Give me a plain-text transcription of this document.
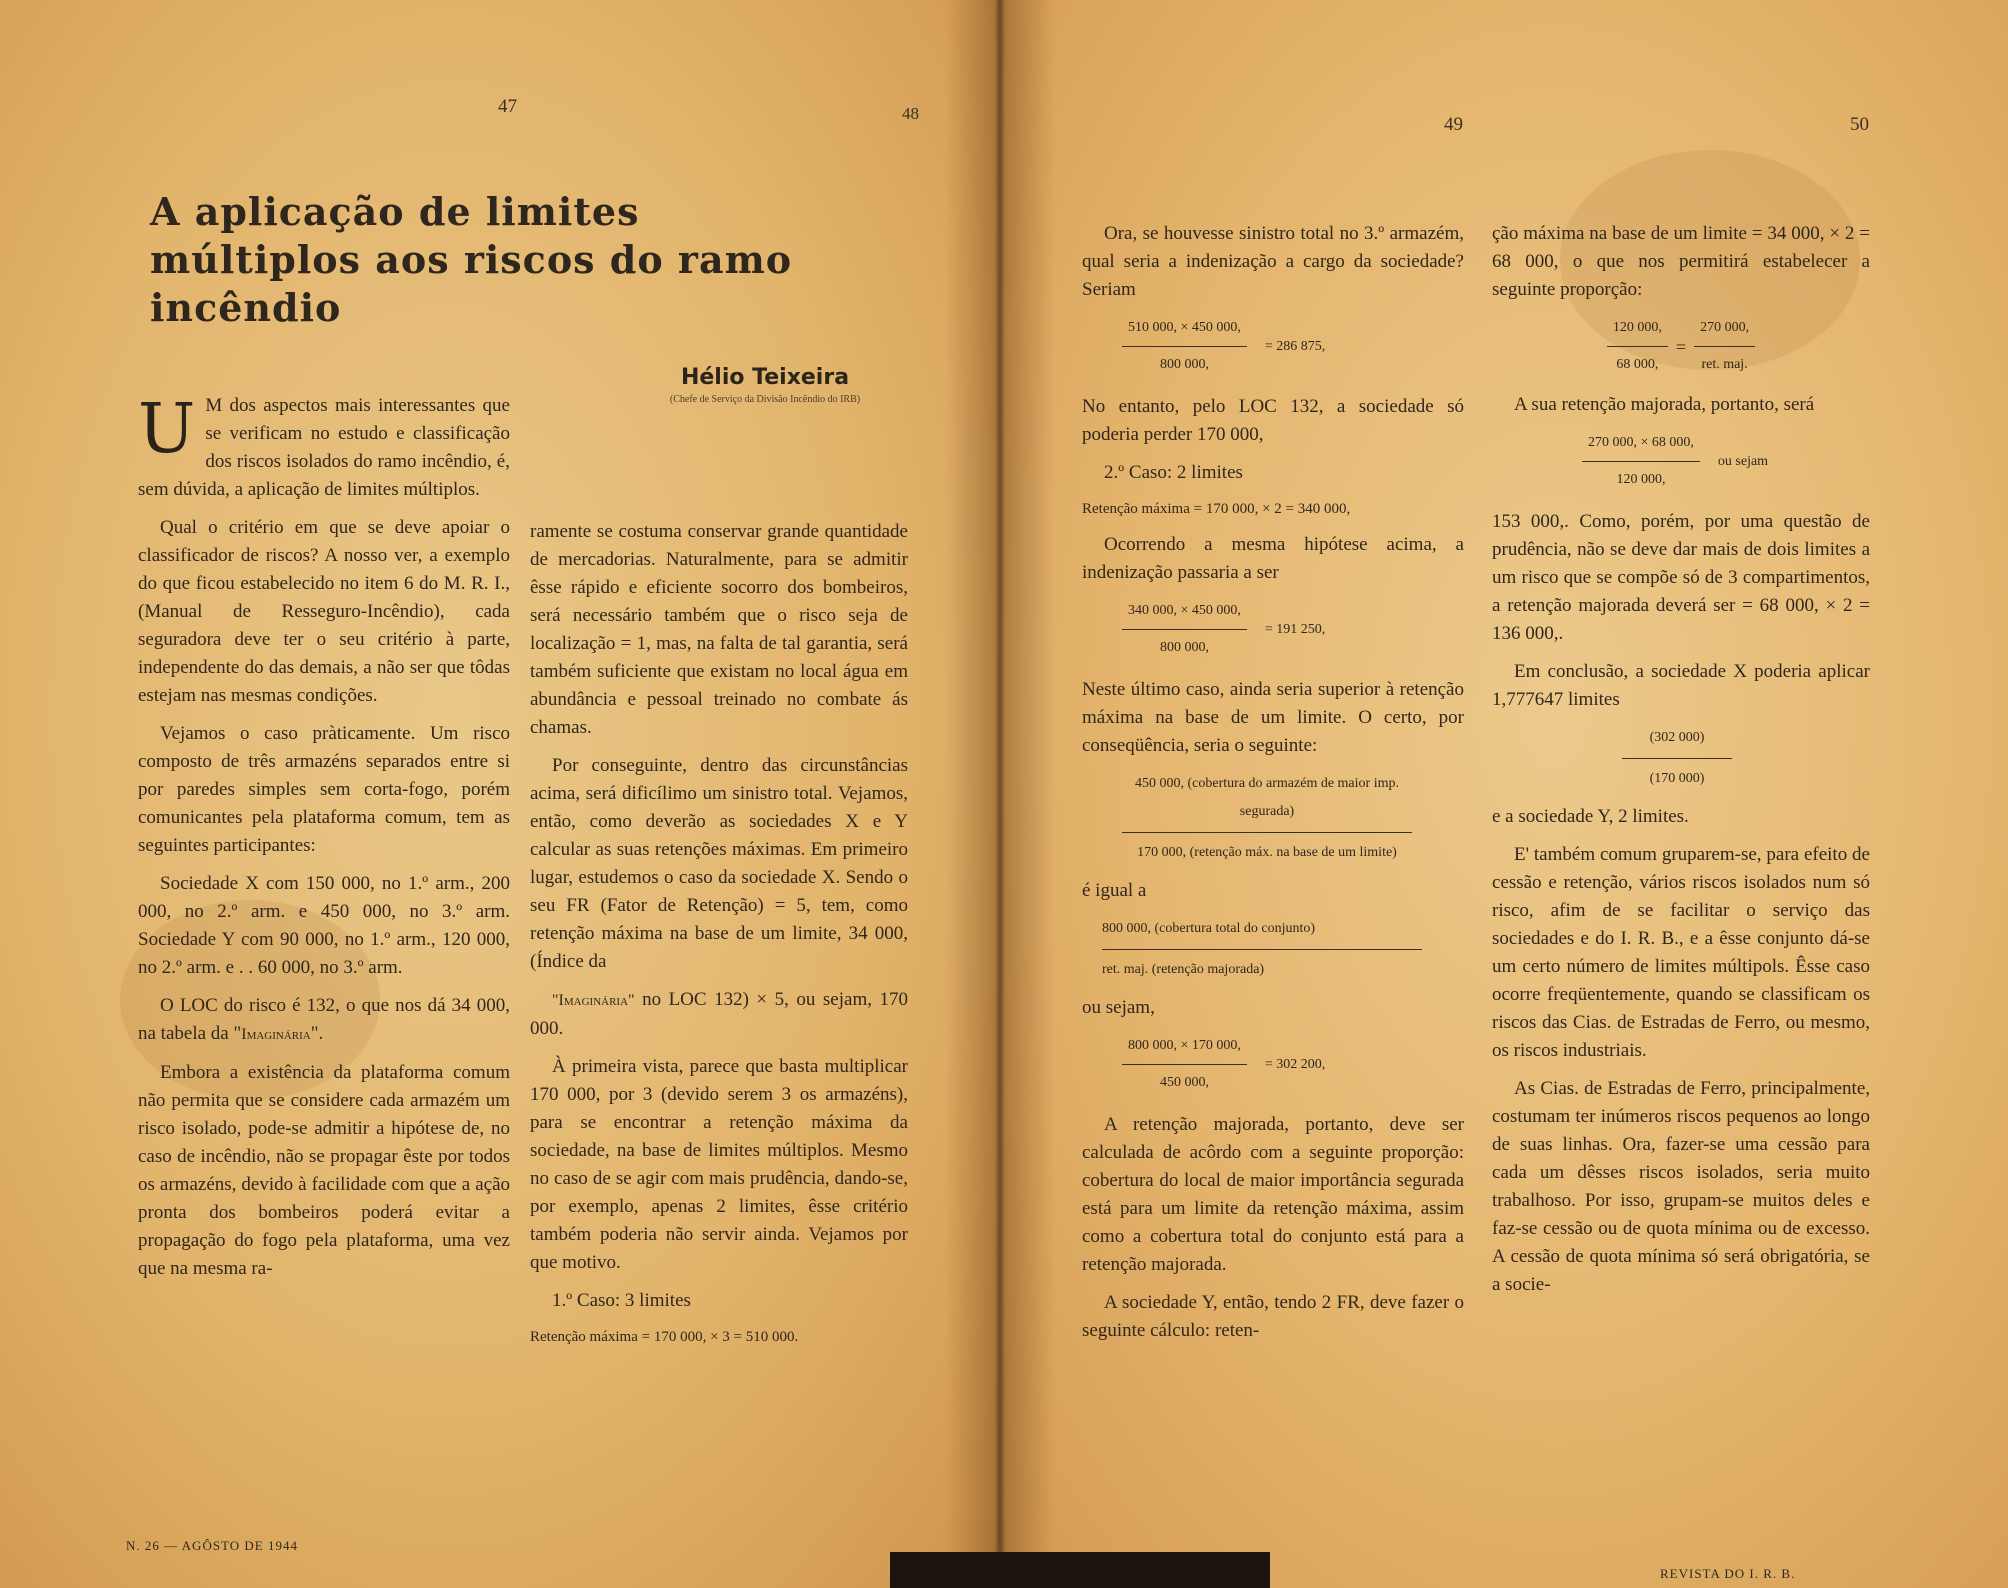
47	48
A aplicação de limites
múltiplos aos riscos do ramo incêndio
Hélio Teixeira
(Chefe de Serviço da Divisão Incêndio do IRB)

U M dos aspectos mais interessantes que se verificam no estudo e classificação dos riscos isolados do ramo incêndio, é, sem dúvida, a aplicação de limites múltiplos.

Qual o critério em que se deve apoiar o classificador de riscos? A nosso ver, a exemplo do que ficou estabelecido no item 6 do M. R. I., (Manual de Resseguro-Incêndio), cada seguradora deve ter o seu critério à parte, independente do das demais, a não ser que tôdas estejam nas mesmas condições.

Vejamos o caso pràticamente. Um risco composto de três armazéns separados entre si por paredes simples sem corta-fogo, porém comunicantes pela plataforma comum, tem as seguintes participantes:

Sociedade X com 150 000, no 1.º arm., 200 000, no 2.º arm. e 450 000, no 3.º arm. Sociedade Y com 90 000, no 1.º arm., 120 000, no 2.º arm. e . . 60 000, no 3.º arm.

O LOC do risco é 132, o que nos dá 34 000, na tabela da "Imaginária".

Embora a existência da plataforma comum não permita que se considere cada armazém um risco isolado, pode-se admitir a hipótese de, no caso de incêndio, não se propagar êste por todos os armazéns, devido à facilidade com que a ação pronta dos bombeiros poderá evitar a propagação do fogo pela plataforma, uma vez que na mesma ra-

ramente se costuma conservar grande quantidade de mercadorias. Naturalmente, para se admitir êsse rápido e eficiente socorro dos bombeiros, será necessário também que o risco seja de localização = 1, mas, na falta de tal garantia, será também suficiente que existam no local água em abundância e pessoal treinado no combate ás chamas.

Por conseguinte, dentro das circunstâncias acima, será dificílimo um sinistro total. Vejamos, então, como deverão as sociedades X e Y calcular as suas retenções máximas. Em primeiro lugar, estudemos o caso da sociedade X. Sendo o seu FR (Fator de Retenção) = 5, tem, como retenção máxima na base de um limite, 34 000, (Índice da

"Imaginária" no LOC 132) × 5, ou sejam, 170 000.

À primeira vista, parece que basta multiplicar 170 000, por 3 (devido serem 3 os armazéns), para se encontrar a retenção máxima da sociedade, na base de limites múltiplos. Mesmo no caso de se agir com mais prudência, dando-se, por exemplo, apenas 2 limites, êsse critério também poderia não servir ainda. Vejamos por que motivo.

1.º Caso: 3 limites

Retenção máxima = 170 000, × 3 = 510 000.

N. 26 — AGÔSTO DE 1944
49	50

Ora, se houvesse sinistro total no 3.º armazém, qual seria a indenização a cargo da sociedade? Seriam

$\frac{510 000, \times 450 000,}{800 000,} = 286$ 875,

No entanto, pelo LOC 132, a sociedade só poderia perder 170 000,

2.º Caso: 2 limites

Retenção máxima = 170 000, × 2 = 340 000,

Ocorrendo a mesma hipótese acima, a indenização passaria a ser

$\frac{340 000, \times 450 000,}{800 000,} = 191$ 250,

Neste último caso, ainda seria superior à retenção máxima na base de um limite. O certo, por conseqüência, seria o seguinte:

450 000, (cobertura do armazém de maior imp. segurada)
170 000, (retenção máx. na base de um limite)

é igual a

800 000, (cobertura total do conjunto)
ret. maj. (retenção majorada)

ou sejam,

$\frac{800 000, \times 170 000,}{450 000,} = 302$ 200,

A retenção majorada, portanto, deve ser calculada de acôrdo com a seguinte proporção: cobertura do local de maior importância segurada está para um limite da retenção máxima, assim como a cobertura total do conjunto está para a retenção majorada.

A sociedade Y, então, tendo 2 FR, deve fazer o seguinte cálculo: reten-

ção máxima na base de um limite = 34 000, × 2 = 68 000, o que nos permitirá estabelecer a seguinte proporção:

$\frac{120 000,}{68 000,} = \frac{270 000,}{\text{ret. maj.}}$

A sua retenção majorada, portanto, será

$\frac{270 000, \times 68 000,}{120 000,}$ ou sejam

153 000,. Como, porém, por uma questão de prudência, não se deve dar mais de dois limites a um risco que se compõe só de 3 compartimentos, a retenção majorada deverá ser = 68 000, × 2 = 136 000,.

Em conclusão, a sociedade X poderia aplicar 1,777647 limites

(302 000)
(170 000)

e a sociedade Y, 2 limites.

E' também comum gruparem-se, para efeito de cessão e retenção, vários riscos isolados num só risco, afim de se facilitar o serviço das sociedades e do I. R. B., e a êsse conjunto dá-se um certo número de limites múltipols. Êsse caso ocorre freqüentemente, quando se classificam os riscos das Cias. de Estradas de Ferro, ou mesmo, os riscos industriais.

As Cias. de Estradas de Ferro, principalmente, costumam ter inúmeros riscos pequenos ao longo de suas linhas. Ora, fazer-se uma cessão para cada um dêsses riscos isolados, seria muito trabalhoso. Por isso, grupam-se muitos deles e faz-se cessão ou de quota mínima ou de excesso. A cessão de quota mínima só será obrigatória, se a socie-

REVISTA DO I. R. B.
